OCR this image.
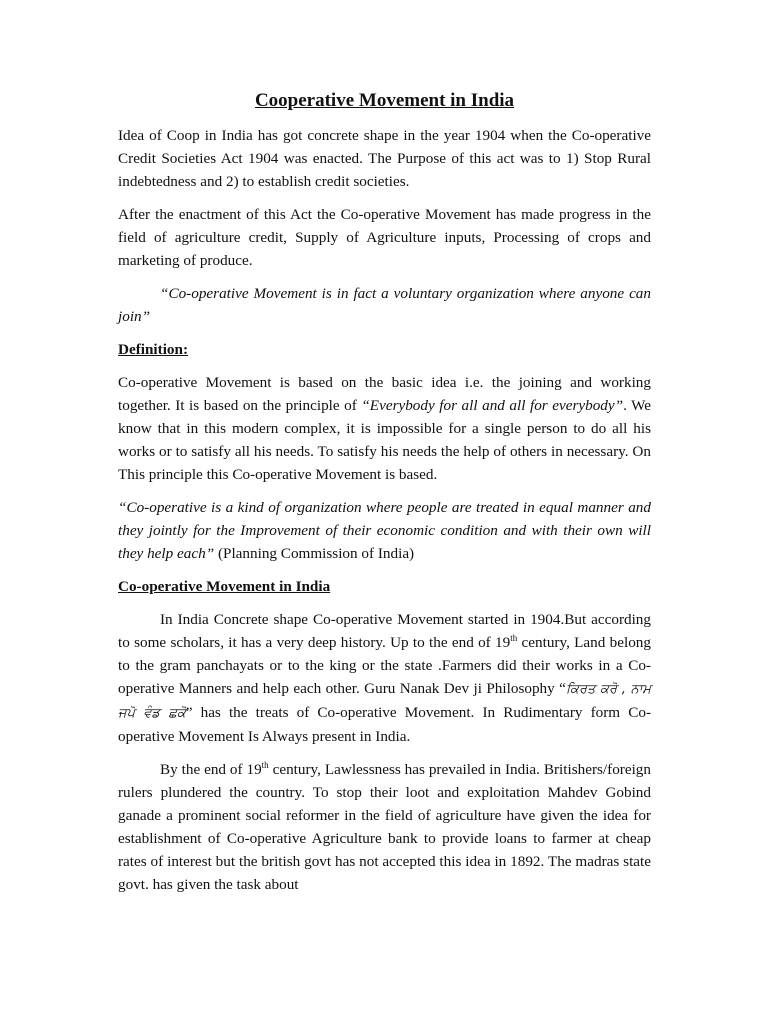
Cooperative Movement in India

Idea of Coop in India has got concrete shape in the year 1904 when the Co-operative Credit Societies Act 1904 was enacted. The Purpose of this act was to 1) Stop Rural indebtedness and 2) to establish credit societies.

After the enactment of this Act the Co-operative Movement has made progress in the field of agriculture credit, Supply of Agriculture inputs, Processing of crops and marketing of produce.

“Co-operative Movement is in fact a voluntary organization where anyone can join”

Definition:

Co-operative Movement is based on the basic idea i.e. the joining and working together. It is based on the principle of “Everybody for all and all for everybody”. We know that in this modern complex, it is impossible for a single person to do all his works or to satisfy all his needs. To satisfy his needs the help of others in necessary. On This principle this Co-operative Movement is based.

“Co-operative is a kind of organization where people are treated in equal manner and they jointly for the Improvement of their economic condition and with their own will they help each” (Planning Commission of India)

Co-operative Movement in India

In India Concrete shape Co-operative Movement started in 1904.But according to some scholars, it has a very deep history. Up to the end of 19th century, Land belong to the gram panchayats or to the king or the state .Farmers did their works in a Co-operative Manners and help each other. Guru Nanak Dev ji Philosophy “ਕਿਰਤ ਕਰੋ , ਨਾਮ ਜਪੋ ਵੰਡ ਛਕੋ” has the treats of Co-operative Movement. In Rudimentary form Co-operative Movement Is Always present in India.

By the end of 19th century, Lawlessness has prevailed in India. Britishers/foreign rulers plundered the country. To stop their loot and exploitation Mahdev Gobind ganade a prominent social reformer in the field of agriculture have given the idea for establishment of Co-operative Agriculture bank to provide loans to farmer at cheap rates of interest but the british govt has not accepted this idea in 1892. The madras state govt. has given the task about
